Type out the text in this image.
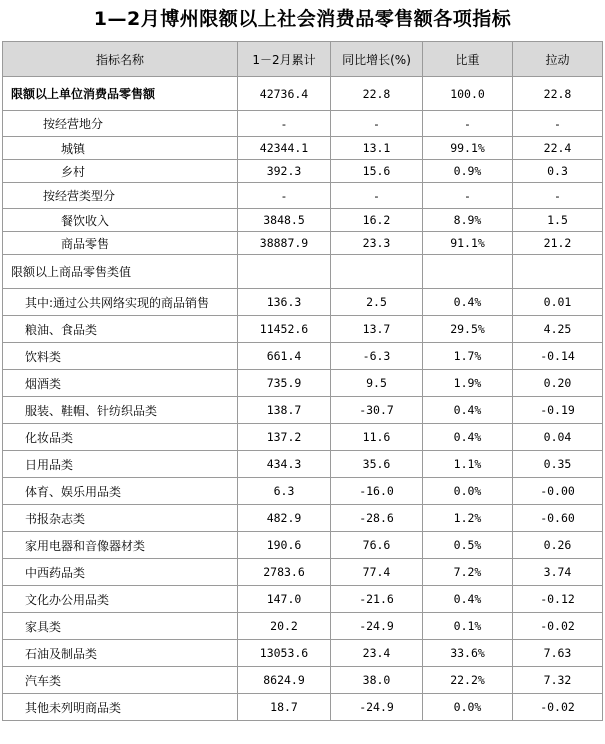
1—2月博州限额以上社会消费品零售额各项指标
指标名称	1－2月累计	同比增长(%)	比重	拉动
限额以上单位消费品零售额	42736.4	22.8	100.0	22.8
按经营地分	-	-	-	-
城镇	42344.1	13.1	99.1%	22.4
乡村	392.3	15.6	0.9%	0.3
按经营类型分	-	-	-	-
餐饮收入	3848.5	16.2	8.9%	1.5
商品零售	38887.9	23.3	91.1%	21.2
限额以上商品零售类值				
其中:通过公共网络实现的商品销售	136.3	2.5	0.4%	0.01
粮油、食品类	11452.6	13.7	29.5%	4.25
饮料类	661.4	-6.3	1.7%	-0.14
烟酒类	735.9	9.5	1.9%	0.20
服装、鞋帽、针纺织品类	138.7	-30.7	0.4%	-0.19
化妆品类	137.2	11.6	0.4%	0.04
日用品类	434.3	35.6	1.1%	0.35
体育、娱乐用品类	6.3	-16.0	0.0%	-0.00
书报杂志类	482.9	-28.6	1.2%	-0.60
家用电器和音像器材类	190.6	76.6	0.5%	0.26
中西药品类	2783.6	77.4	7.2%	3.74
文化办公用品类	147.0	-21.6	0.4%	-0.12
家具类	20.2	-24.9	0.1%	-0.02
石油及制品类	13053.6	23.4	33.6%	7.63
汽车类	8624.9	38.0	22.2%	7.32
其他未列明商品类	18.7	-24.9	0.0%	-0.02
